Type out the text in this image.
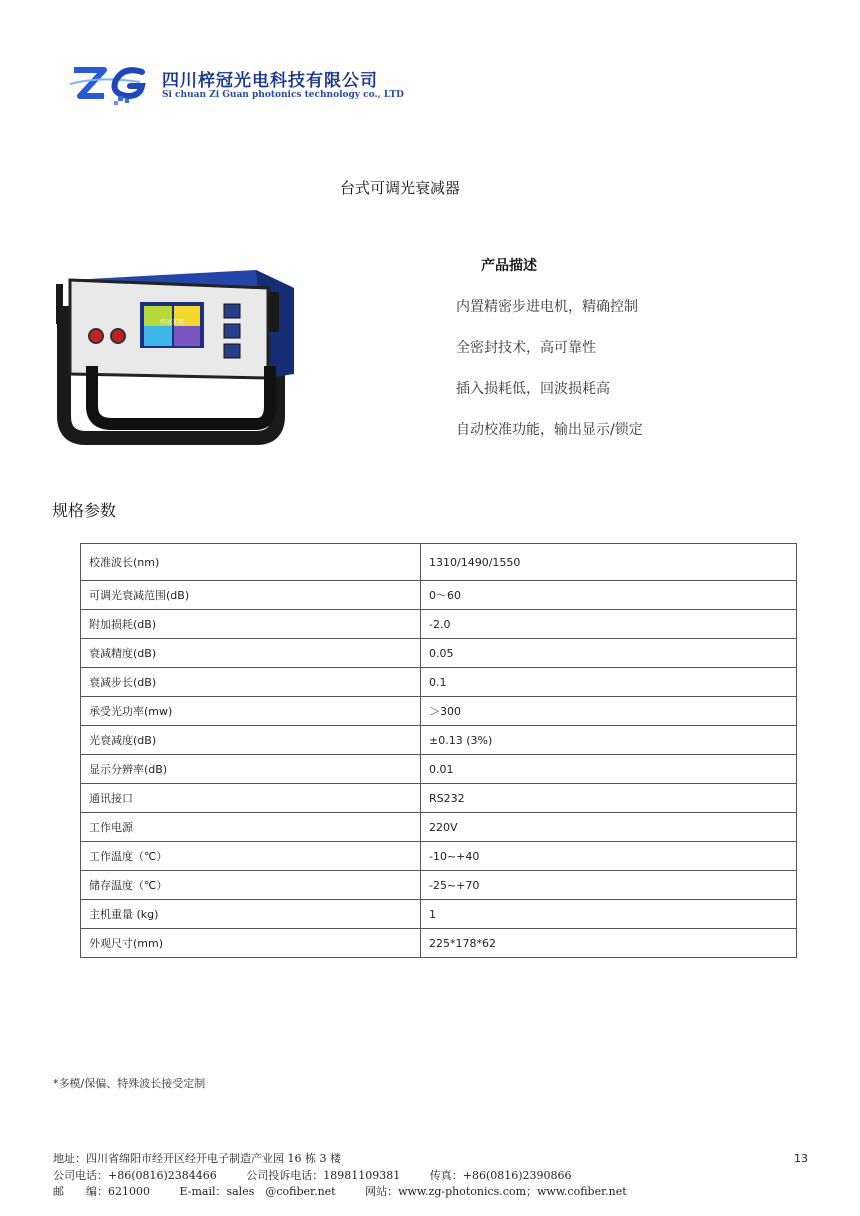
四川梓冠光电科技有限公司
Si chuan Zi Guan photonics technology co., LTD
台式可调光衰减器
梓冠光电
产品描述
内置精密步进电机，精确控制
全密封技术，高可靠性
插入损耗低，回波损耗高
自动校准功能，输出显示/锁定
规格参数
校准波长(nm)	1310/1490/1550
可调光衰减范围(dB)	0～60
附加损耗(dB)	-2.0
衰减精度(dB)	0.05
衰减步长(dB)	0.1
承受光功率(mw)	＞300
光衰减度(dB)	±0.13 (3%)
显示分辨率(dB)	0.01
通讯接口	RS232
工作电源	220V
工作温度（℃）	-10~+40
储存温度（℃）	-25~+70
主机重量 (kg)	1
外观尺寸(mm)	225*178*62
*多模/保偏、特殊波长接受定制
地址：四川省绵阳市经开区经开电子制造产业园 16 栋 3 楼
公司电话：+86(0816)2384466	公司投诉电话：18981109381	传真：+86(0816)2390866
邮　　编：621000	E-mail：sales　@cofiber.net	网站：www.zg-photonics.com；www.cofiber.net
13
